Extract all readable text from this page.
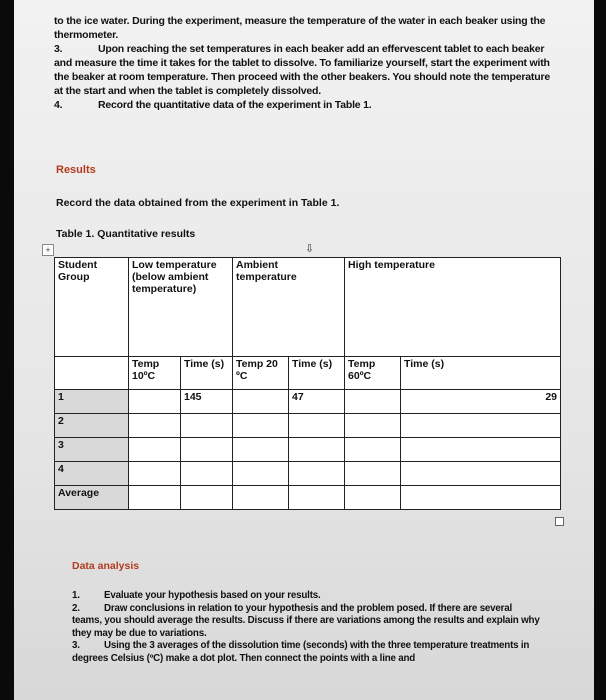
to the ice water. During the experiment, measure the temperature of the water in each beaker using the thermometer.

3.	Upon reaching the set temperatures in each beaker add an effervescent tablet to each beaker and measure the time it takes for the tablet to dissolve. To familiarize yourself, start the experiment with the beaker at room temperature. Then proceed with the other beakers. You should note the temperature at the start and when the tablet is completely dissolved.

4.	Record the quantitative data of the experiment in Table 1.

Results
Record the data obtained from the experiment in Table 1.
Table 1. Quantitative results
+	⇩
Student Group	Low temperature (below ambient temperature)		Ambient temperature		High temperature	
	Temp 10ºC	Time (s)	Temp 20 ºC	Time (s)	Temp 60ºC	Time (s)
1		145		47		29
2						
3						
4						
Average						
Data analysis

1. Evaluate your hypothesis based on your results.

2. Draw conclusions in relation to your hypothesis and the problem posed. If there are several teams, you should average the results. Discuss if there are variations among the results and explain why they may be due to variations.

3. Using the 3 averages of the dissolution time (seconds) with the three temperature treatments in degrees Celsius (ºC) make a dot plot. Then connect the points with a line and
